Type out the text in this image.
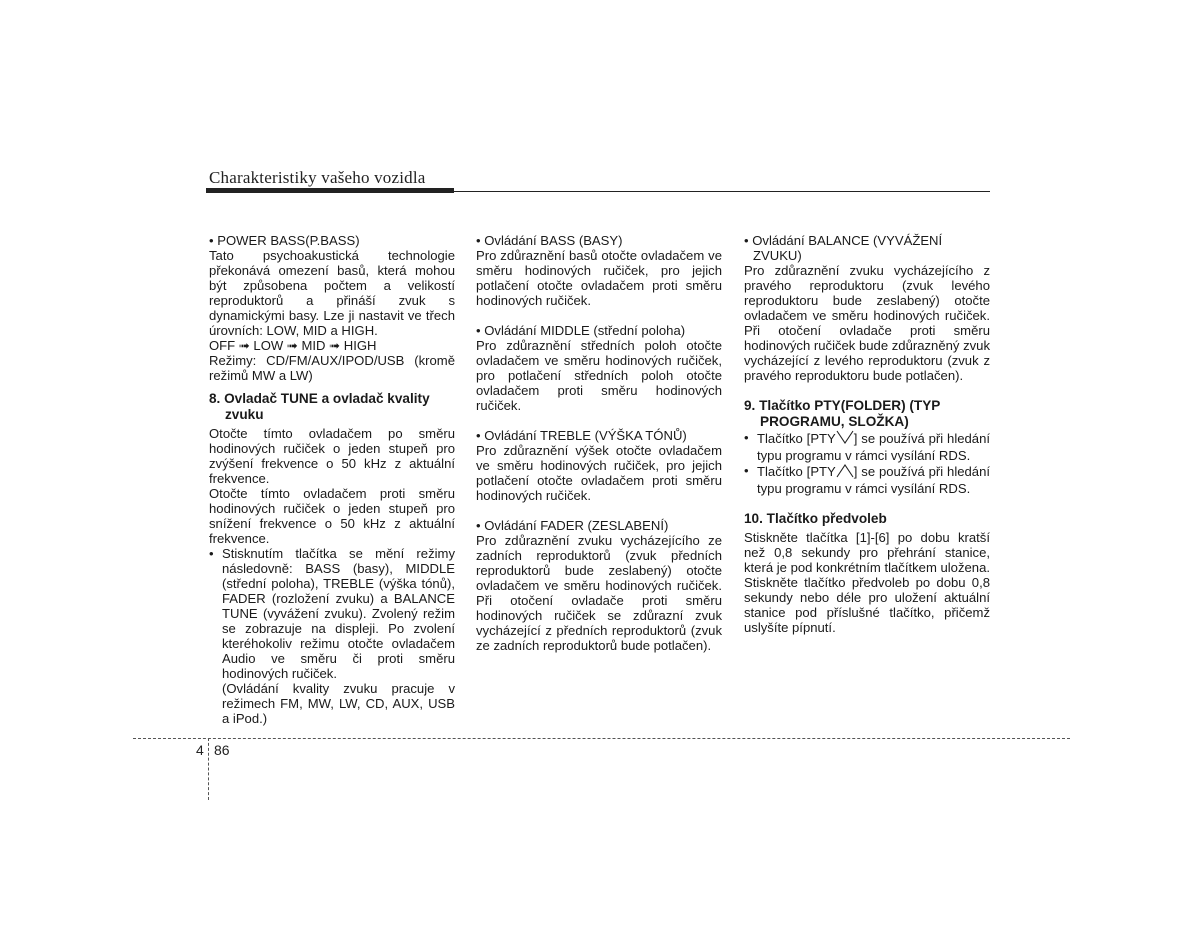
Charakteristiky vašeho vozidla

• POWER BASS(P.BASS)

Tato psychoakustická technologie překonává omezení basů, která mohou být způsobena počtem a velikostí reproduktorů a přináší zvuk s dynamickými basy. Lze ji nastavit ve třech úrovních: LOW, MID a HIGH.

OFF ➟ LOW ➟ MID ➟ HIGH

Režimy: CD/FM/AUX/IPOD/USB (kromě režimů MW a LW)

8. Ovladač TUNE a ovladač kvality
zvuku

Otočte tímto ovladačem po směru hodinových ručiček o jeden stupeň pro zvýšení frekvence o 50 kHz z aktuální frekvence.

Otočte tímto ovladačem proti směru hodinových ručiček o jeden stupeň pro snížení frekvence o 50 kHz z aktuální frekvence.

• Stisknutím tlačítka se mění režimy následovně: BASS (basy), MIDDLE (střední poloha), TREBLE (výška tónů), FADER (rozložení zvuku) a BALANCE TUNE (vyvážení zvuku). Zvolený režim se zobrazuje na displeji. Po zvolení kteréhokoliv režimu otočte ovladačem Audio ve směru či proti směru hodinových ručiček.

(Ovládání kvality zvuku pracuje v režimech FM, MW, LW, CD, AUX, USB a iPod.)

• Ovládání BASS (BASY)

Pro zdůraznění basů otočte ovladačem ve směru hodinových ručiček, pro jejich potlačení otočte ovladačem proti směru hodinových ručiček.

• Ovládání MIDDLE (střední poloha)

Pro zdůraznění středních poloh otočte ovladačem ve směru hodinových ručiček, pro potlačení středních poloh otočte ovladačem proti směru hodinových ručiček.

• Ovládání TREBLE (VÝŠKA TÓNŮ)

Pro zdůraznění výšek otočte ovladačem ve směru hodinových ručiček, pro jejich potlačení otočte ovladačem proti směru hodinových ručiček.

• Ovládání FADER (ZESLABENÍ)

Pro zdůraznění zvuku vycházejícího ze zadních reproduktorů (zvuk předních reproduktorů bude zeslabený) otočte ovladačem ve směru hodinových ručiček. Při otočení ovladače proti směru hodinových ručiček se zdůrazní zvuk vycházející z předních reproduktorů (zvuk ze zadních reproduktorů bude potlačen).

• Ovládání BALANCE (VYVÁŽENÍ

ZVUKU)

Pro zdůraznění zvuku vycházejícího z pravého reproduktoru (zvuk levého reproduktoru bude zeslabený) otočte ovladačem ve směru hodinových ručiček. Při otočení ovladače proti směru hodinových ručiček bude zdůrazněný zvuk vycházející z levého reproduktoru (zvuk z pravého reproduktoru bude potlačen).

9. Tlačítko PTY(FOLDER) (TYP
PROGRAMU, SLOŽKA)

• Tlačítko [PTY ] se používá při hledání typu programu v rámci vysílání RDS.

• Tlačítko [PTY ] se používá při hledání typu programu v rámci vysílání RDS.

10. Tlačítko předvoleb

Stiskněte tlačítka [1]-[6] po dobu kratší než 0,8 sekundy pro přehrání stanice, která je pod konkrétním tlačítkem uložena. Stiskněte tlačítko předvoleb po dobu 0,8 sekundy nebo déle pro uložení aktuální stanice pod příslušné tlačítko, přičemž uslyšíte pípnutí.

4 86
